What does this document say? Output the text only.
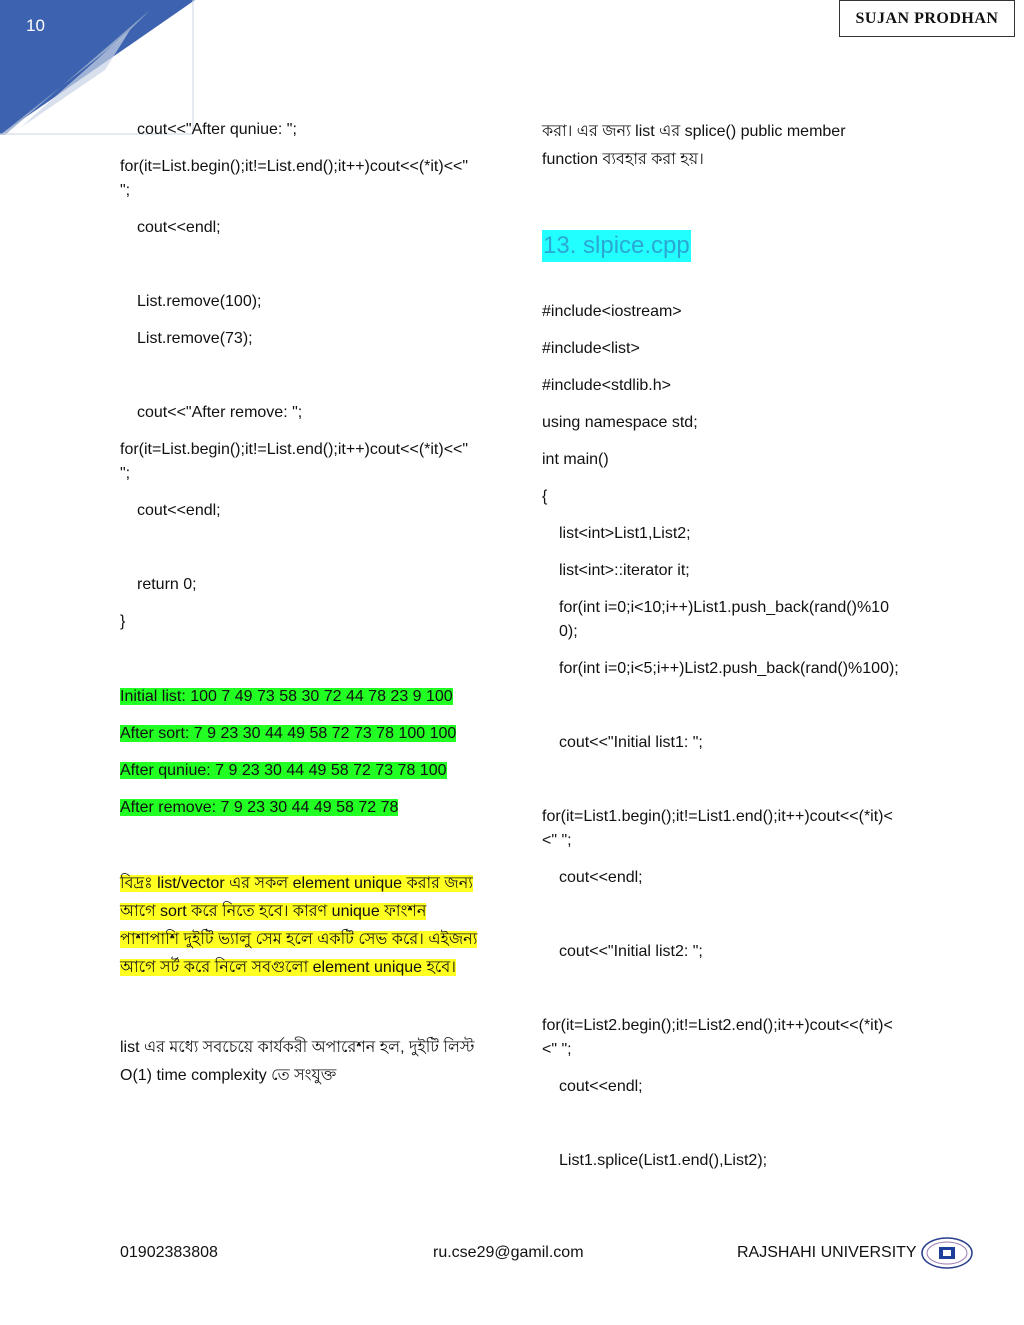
10	SUJAN PRODHAN
cout<<"After quniue: ";
for(it=List.begin();it!=List.end();it++)cout<<(*it)<<" ";
cout<<endl;
List.remove(100);
List.remove(73);
cout<<"After remove: ";
for(it=List.begin();it!=List.end();it++)cout<<(*it)<<" ";
cout<<endl;
return 0;
}
Initial list: 100 7 49 73 58 30 72 44 78 23 9 100
After sort: 7 9 23 30 44 49 58 72 73 78 100 100
After quniue: 7 9 23 30 44 49 58 72 73 78 100
After remove: 7 9 23 30 44 49 58 72 78
বিদ্রঃ list/vector এর সকল element unique করার জন্য আগে sort করে নিতে হবে। কারণ unique ফাংশন পাশাপাশি দুইটি ভ্যালু সেম হলে একটি সেভ করে। এইজন্য আগে সর্ট করে নিলে সবগুলো element unique হবে।
list এর মধ্যে সবচেয়ে কার্যকরী অপারেশন হল, দুইটি লিস্ট O(1) time complexity তে সংযুক্ত
করা। এর জন্য list এর splice() public member function ব্যবহার করা হয়।
13. slpice.cpp
#include<iostream>
#include<list>
#include<stdlib.h>
using namespace std;
int main()
{
list<int>List1,List2;
list<int>::iterator it;
for(int i=0;i<10;i++)List1.push_back(rand()%100);
for(int i=0;i<5;i++)List2.push_back(rand()%100);
cout<<"Initial list1: ";
for(it=List1.begin();it!=List1.end();it++)cout<<(*it)<<" ";
cout<<endl;
cout<<"Initial list2: ";
for(it=List2.begin();it!=List2.end();it++)cout<<(*it)<<" ";
cout<<endl;
List1.splice(List1.end(),List2);
01902383808	ru.cse29@gamil.com	RAJSHAHI UNIVERSITY
